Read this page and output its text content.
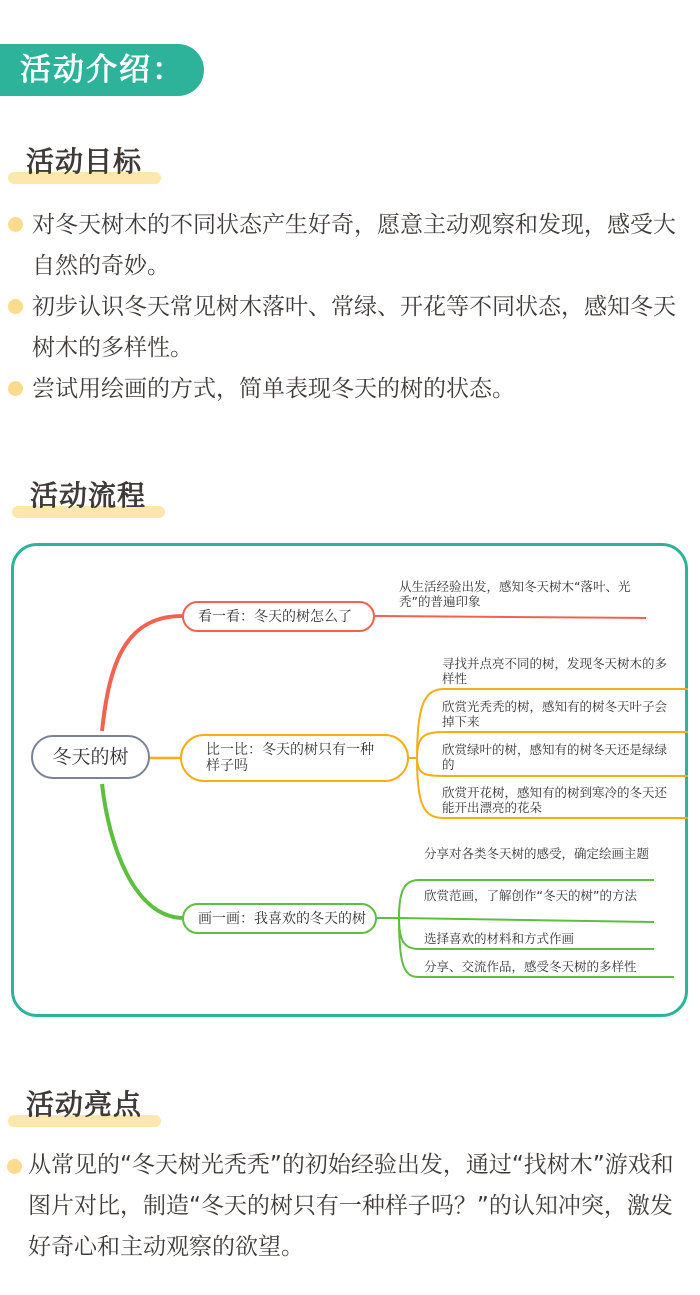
活动介绍：
活动目标
对冬天树木的不同状态产生好奇，愿意主动观察和发现，感受大自然的奇妙。
初步认识冬天常见树木落叶、常绿、开花等不同状态，感知冬天树木的多样性。
尝试用绘画的方式，简单表现冬天的树的状态。
活动流程
冬天的树
看一看：冬天的树怎么了
从生活经验出发，感知冬天树木“落叶、光秃”的普遍印象
比一比：冬天的树只有一种样子吗
寻找并点亮不同的树，发现冬天树木的多样性
欣赏光秃秃的树，感知有的树冬天叶子会掉下来
欣赏绿叶的树，感知有的树冬天还是绿绿的
欣赏开花树，感知有的树到寒冷的冬天还能开出漂亮的花朵
画一画：我喜欢的冬天的树
分享对各类冬天树的感受，确定绘画主题
欣赏范画，了解创作“冬天的树”的方法
选择喜欢的材料和方式作画
分享、交流作品，感受冬天树的多样性
活动亮点
从常见的“冬天树光秃秃”的初始经验出发，通过“找树木”游戏和图片对比，制造“冬天的树只有一种样子吗？”的认知冲突，激发好奇心和主动观察的欲望。
